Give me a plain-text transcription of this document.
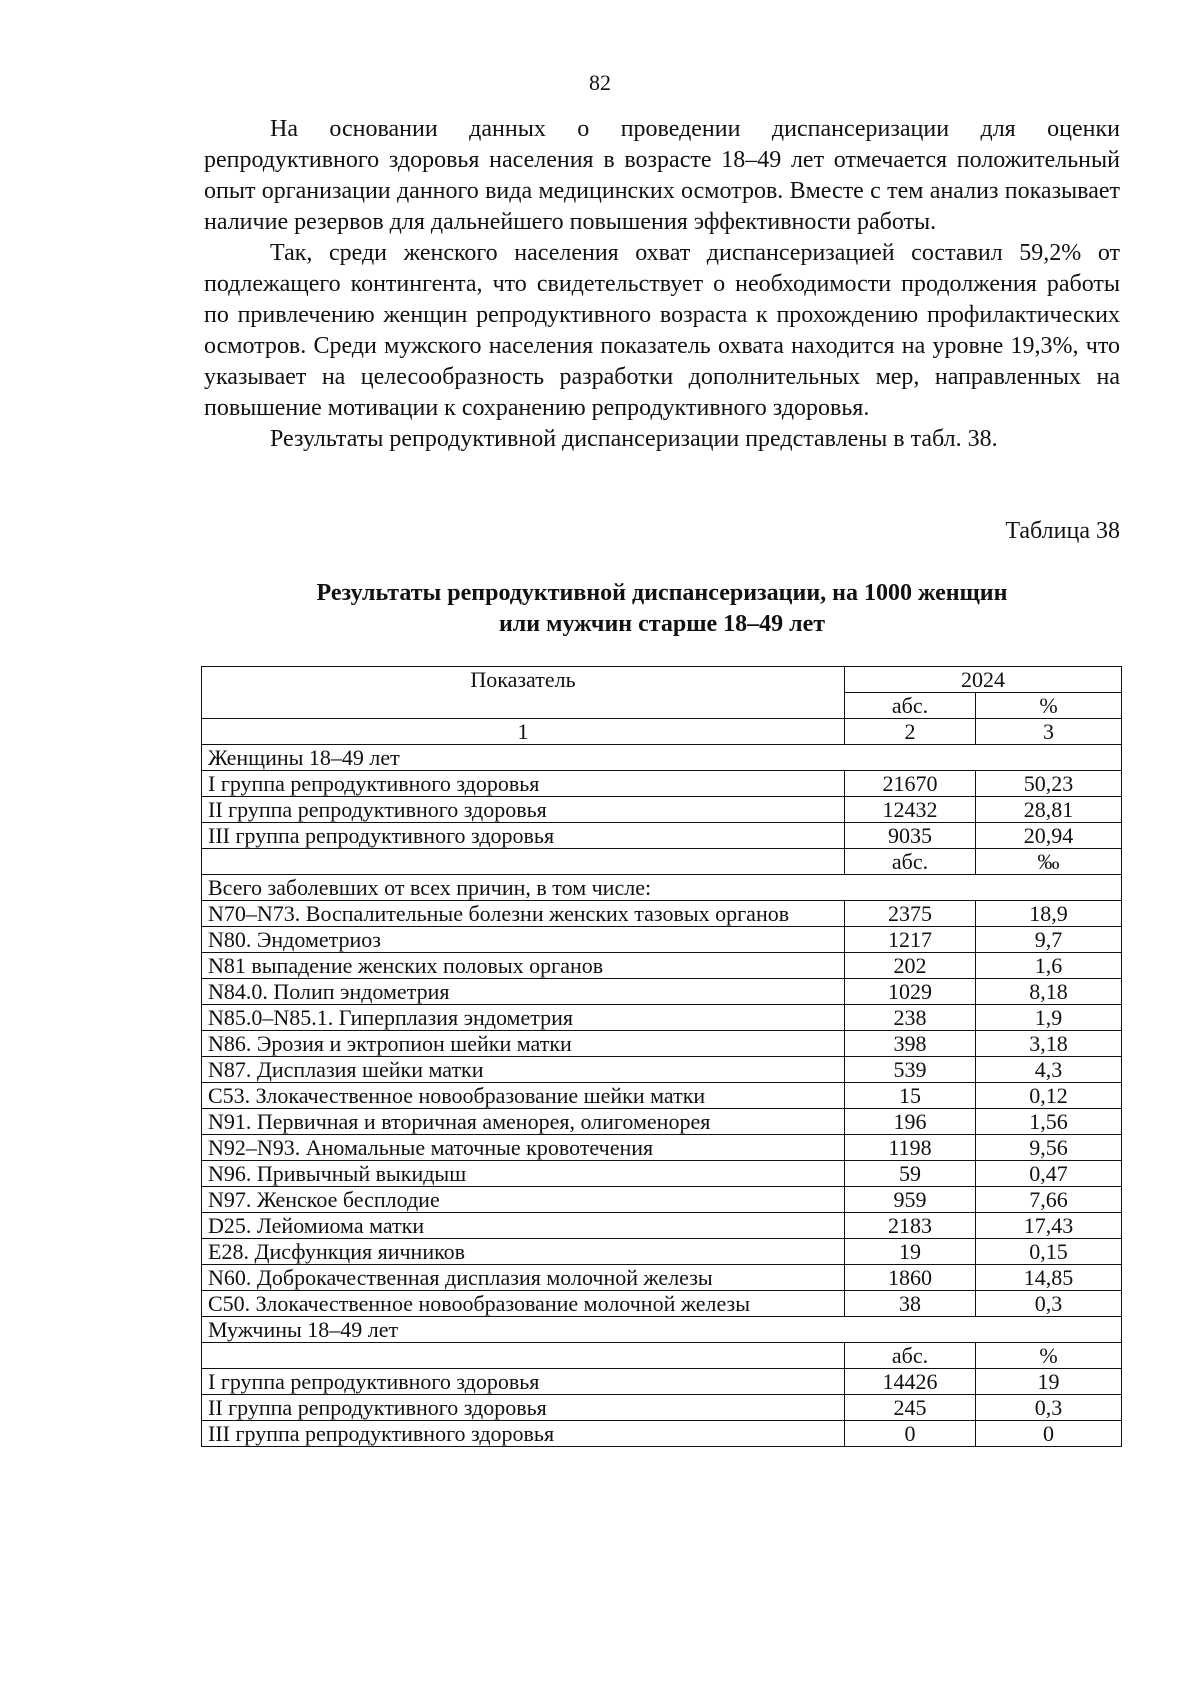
82

На основании данных о проведении диспансеризации для оценки репродуктивного здоровья населения в возрасте 18–49 лет отмечается положительный опыт организации данного вида медицинских осмотров. Вместе с тем анализ показывает наличие резервов для дальнейшего повышения эффективности работы.

Так, среди женского населения охват диспансеризацией составил 59,2% от подлежащего контингента, что свидетельствует о необходимости продолжения работы по привлечению женщин репродуктивного возраста к прохождению профилактических осмотров. Среди мужского населения показатель охвата находится на уровне 19,3%, что указывает на целесообразность разработки дополнительных мер, направленных на повышение мотивации к сохранению репродуктивного здоровья.

Результаты репродуктивной диспансеризации представлены в табл. 38.

Таблица 38
Результаты репродуктивной диспансеризации, на 1000 женщин
или мужчин старше 18–49 лет
Показатель	2024	
	абс.	%
1	2	3
Женщины 18–49 лет		
I группа репродуктивного здоровья	21670	50,23
II группа репродуктивного здоровья	12432	28,81
III группа репродуктивного здоровья	9035	20,94
	абс.	‰
Всего заболевших от всех причин, в том числе:		
N70–N73. Воспалительные болезни женских тазовых органов	2375	18,9
N80. Эндометриоз	1217	9,7
N81 выпадение женских половых органов	202	1,6
N84.0. Полип эндометрия	1029	8,18
N85.0–N85.1. Гиперплазия эндометрия	238	1,9
N86. Эрозия и эктропион шейки матки	398	3,18
N87. Дисплазия шейки матки	539	4,3
C53. Злокачественное новообразование шейки матки	15	0,12
N91. Первичная и вторичная аменорея, олигоменорея	196	1,56
N92–N93. Аномальные маточные кровотечения	1198	9,56
N96. Привычный выкидыш	59	0,47
N97. Женское бесплодие	959	7,66
D25. Лейомиома матки	2183	17,43
E28. Дисфункция яичников	19	0,15
N60. Доброкачественная дисплазия молочной железы	1860	14,85
C50. Злокачественное новообразование молочной железы	38	0,3
Мужчины 18–49 лет		
	абс.	%
I группа репродуктивного здоровья	14426	19
II группа репродуктивного здоровья	245	0,3
III группа репродуктивного здоровья	0	0
